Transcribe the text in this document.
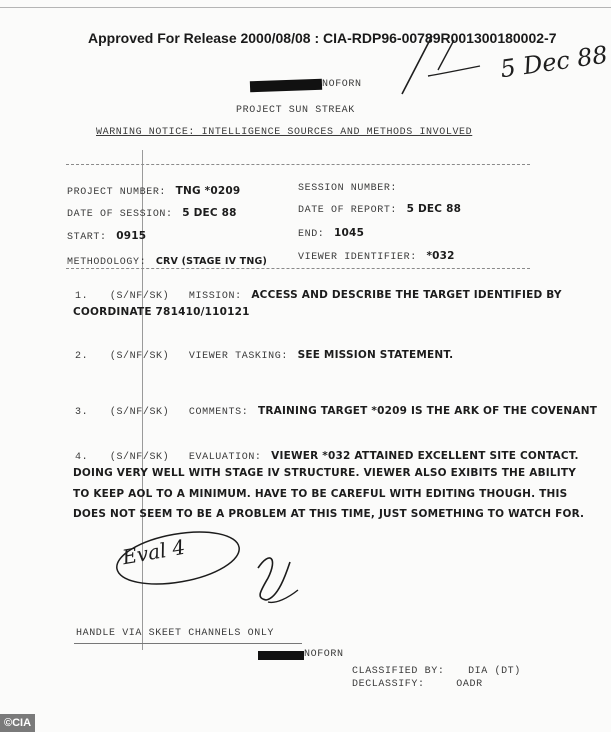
Approved For Release 2000/08/08 : CIA-RDP96-00789R001300180002-7
5 Dec 88
NOFORN
PROJECT SUN STREAK
WARNING NOTICE: INTELLIGENCE SOURCES AND METHODS INVOLVED
PROJECT NUMBER: TNG *0209	SESSION NUMBER:
DATE OF SESSION: 5 DEC 88	DATE OF REPORT: 5 DEC 88
START: 0915	END: 1045
METHODOLOGY: CRV (STAGE IV TNG)	VIEWER IDENTIFIER: *032
1. (S/NF/SK) MISSION: ACCESS AND DESCRIBE THE TARGET IDENTIFIED BY
COORDINATE 781410/110121
2. (S/NF/SK) VIEWER TASKING: SEE MISSION STATEMENT.
3. (S/NF/SK) COMMENTS: TRAINING TARGET *0209 IS THE ARK OF THE COVENANT
4. (S/NF/SK) EVALUATION: VIEWER *032 ATTAINED EXCELLENT SITE CONTACT.
DOING VERY WELL WITH STAGE IV STRUCTURE. VIEWER ALSO EXIBITS THE ABILITY
TO KEEP AOL TO A MINIMUM. HAVE TO BE CAREFUL WITH EDITING THOUGH. THIS
DOES NOT SEEM TO BE A PROBLEM AT THIS TIME, JUST SOMETHING TO WATCH FOR.
Eval 4
HANDLE VIA SKEET CHANNELS ONLY
NOFORN
CLASSIFIED BY: DIA (DT)
DECLASSIFY:	OADR
©CIA
